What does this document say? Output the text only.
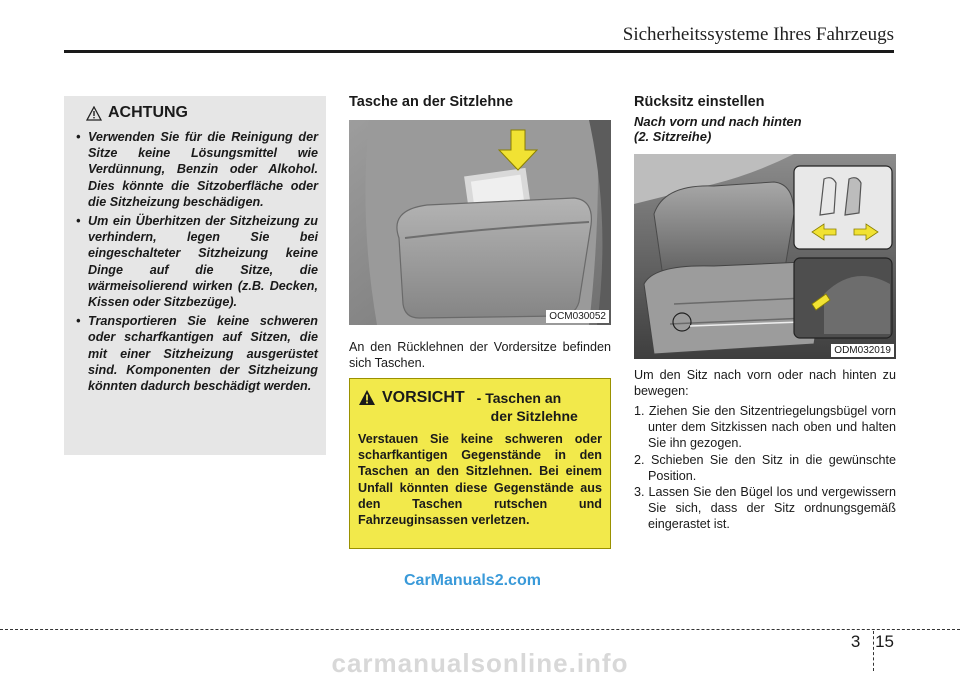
Sicherheitssysteme Ihres Fahrzeugs
ACHTUNG
• Verwenden Sie für die Reinigung der Sitze keine Lösungsmittel wie Verdünnung, Benzin oder Alkohol. Dies könnte die Sitzoberfläche oder die Sitzheizung beschädigen.
• Um ein Überhitzen der Sitzheizung zu verhindern, legen Sie bei eingeschalteter Sitzheizung keine Dinge auf die Sitze, die wärmeisolierend wirken (z.B. Decken, Kissen oder Sitzbezüge).
• Transportieren Sie keine schweren oder scharfkantigen auf Sitzen, die mit einer Sitzheizung ausgerüstet sind. Komponenten der Sitzheizung könnten dadurch beschädigt werden.
Tasche an der Sitzlehne
OCM030052
An den Rücklehnen der Vordersitze befinden sich Taschen.
VORSICHT - Taschen an
der Sitzlehne
Verstauen Sie keine schweren oder scharfkantigen Gegenstände in den Taschen an den Sitzlehnen. Bei einem Unfall könnten diese Gegenstände aus den Taschen rutschen und Fahrzeuginsassen verletzen.
Rücksitz einstellen
Nach vorn und nach hinten
(2. Sitzreihe)
ODM032019
Um den Sitz nach vorn oder nach hinten zu bewegen:
1. Ziehen Sie den Sitzentriegelungsbügel vorn unter dem Sitzkissen nach oben und halten Sie ihn gezogen.
2. Schieben Sie den Sitz in die gewünschte Position.
3. Lassen Sie den Bügel los und vergewissern Sie sich, dass der Sitz ordnungsgemäß eingerastet ist.
CarManuals2.com
3 15
carmanualsonline.info
